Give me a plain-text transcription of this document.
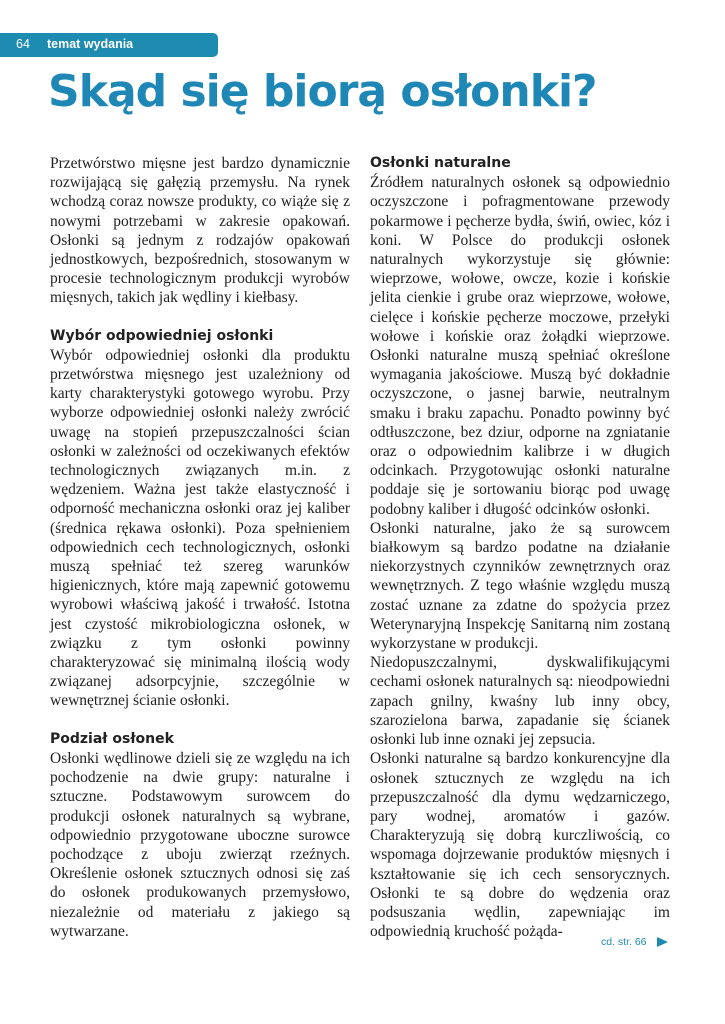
64 temat wydania
Skąd się biorą osłonki?

Przetwórstwo mięsne jest bardzo dynamicznie rozwijającą się gałęzią przemysłu. Na rynek wchodzą coraz nowsze produkty, co wiąże się z nowymi potrzebami w zakresie opakowań. Osłonki są jednym z rodzajów opakowań jednostkowych, bezpośrednich, stosowanym w procesie technologicznym produkcji wyrobów mięsnych, takich jak wędliny i kiełbasy.

Wybór odpowiedniej osłonki

Wybór odpowiedniej osłonki dla produktu przetwórstwa mięsnego jest uzależniony od karty charakterystyki gotowego wyrobu. Przy wyborze odpowiedniej osłonki należy zwrócić uwagę na stopień przepuszczalności ścian osłonki w zależności od oczekiwanych efektów technologicznych związanych m.in. z wędzeniem. Ważna jest także elastyczność i odporność mechaniczna osłonki oraz jej kaliber (średnica rękawa osłonki). Poza spełnieniem odpowiednich cech technologicznych, osłonki muszą spełniać też szereg warunków higienicznych, które mają zapewnić gotowemu wyrobowi właściwą jakość i trwałość. Istotna jest czystość mikrobiologiczna osłonek, w związku z tym osłonki powinny charakteryzować się minimalną ilością wody związanej adsorpcyjnie, szczególnie w wewnętrznej ścianie osłonki.

Podział osłonek

Osłonki wędlinowe dzieli się ze względu na ich pochodzenie na dwie grupy: naturalne i sztuczne. Podstawowym surowcem do produkcji osłonek naturalnych są wybrane, odpowiednio przygotowane uboczne surowce pochodzące z uboju zwierząt rzeźnych. Określenie osłonek sztucznych odnosi się zaś do osłonek produkowanych przemysłowo, niezależnie od materiału z jakiego są wytwarzane.

Osłonki naturalne

Źródłem naturalnych osłonek są odpowiednio oczyszczone i pofragmentowane przewody pokarmowe i pęcherze bydła, świń, owiec, kóz i koni. W Polsce do produkcji osłonek naturalnych wykorzystuje się głównie: wieprzowe, wołowe, owcze, kozie i końskie jelita cienkie i grube oraz wieprzowe, wołowe, cielęce i końskie pęcherze moczowe, przełyki wołowe i końskie oraz żołądki wieprzowe. Osłonki naturalne muszą spełniać określone wymagania jakościowe. Muszą być dokładnie oczyszczone, o jasnej barwie, neutralnym smaku i braku zapachu. Ponadto powinny być odtłuszczone, bez dziur, odporne na zgniatanie oraz o odpowiednim kalibrze i w długich odcinkach. Przygotowując osłonki naturalne poddaje się je sortowaniu biorąc pod uwagę podobny kaliber i długość odcinków osłonki.

Osłonki naturalne, jako że są surowcem białkowym są bardzo podatne na działanie niekorzystnych czynników zewnętrznych oraz wewnętrznych. Z tego właśnie względu muszą zostać uznane za zdatne do spożycia przez Weterynaryjną Inspekcję Sanitarną nim zostaną wykorzystane w produkcji.

Niedopuszczalnymi, dyskwalifikującymi cechami osłonek naturalnych są: nieodpowiedni zapach gnilny, kwaśny lub inny obcy, szarozielona barwa, zapadanie się ścianek osłonki lub inne oznaki jej zepsucia.

Osłonki naturalne są bardzo konkurencyjne dla osłonek sztucznych ze względu na ich przepuszczalność dla dymu wędzarniczego, pary wodnej, aromatów i gazów. Charakteryzują się dobrą kurczliwością, co wspomaga dojrzewanie produktów mięsnych i kształtowanie się ich cech sensorycznych. Osłonki te są dobre do wędzenia oraz podsuszania wędlin, zapewniając im odpowiednią kruchość pożąda-

cd. str. 66
